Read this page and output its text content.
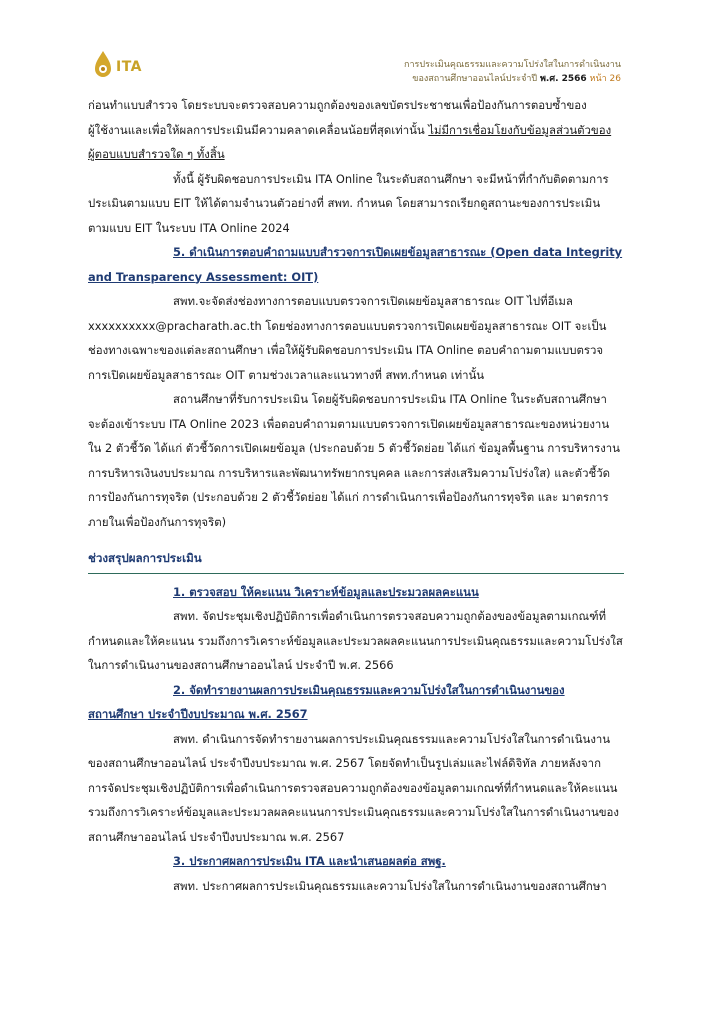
ITA	การประเมินคุณธรรมและความโปร่งใสในการดำเนินงาน
ของสถานศึกษาออนไลน์ประจำปี พ.ศ. 2566 หน้า 26

ก่อนทำแบบสำรวจ โดยระบบจะตรวจสอบความถูกต้องของเลขบัตรประชาชนเพื่อป้องกันการตอบซ้ำของ

ผู้ใช้งานและเพื่อให้ผลการประเมินมีความคลาดเคลื่อนน้อยที่สุดเท่านั้น ไม่มีการเชื่อมโยงกับข้อมูลส่วนตัวของ

ผู้ตอบแบบสำรวจใด ๆ ทั้งสิ้น

ทั้งนี้ ผู้รับผิดชอบการประเมิน ITA Online ในระดับสถานศึกษา จะมีหน้าที่กำกับติดตามการ

ประเมินตามแบบ EIT ให้ได้ตามจำนวนตัวอย่างที่ สพท. กำหนด โดยสามารถเรียกดูสถานะของการประเมิน

ตามแบบ EIT ในระบบ ITA Online 2024

5. ดำเนินการตอบคำถามแบบสำรวจการเปิดเผยข้อมูลสาธารณะ (Open data Integrity

and Transparency Assessment: OIT)

สพท.จะจัดส่งช่องทางการตอบแบบตรวจการเปิดเผยข้อมูลสาธารณะ OIT ไปที่อีเมล

xxxxxxxxxx@pracharath.ac.th โดยช่องทางการตอบแบบตรวจการเปิดเผยข้อมูลสาธารณะ OIT จะเป็น

ช่องทางเฉพาะของแต่ละสถานศึกษา เพื่อให้ผู้รับผิดชอบการประเมิน ITA Online ตอบคำถามตามแบบตรวจ

การเปิดเผยข้อมูลสาธารณะ OIT ตามช่วงเวลาและแนวทางที่ สพท.กำหนด เท่านั้น

สถานศึกษาที่รับการประเมิน โดยผู้รับผิดชอบการประเมิน ITA Online ในระดับสถานศึกษา

จะต้องเข้าระบบ ITA Online 2023 เพื่อตอบคำถามตามแบบตรวจการเปิดเผยข้อมูลสาธารณะของหน่วยงาน

ใน 2 ตัวชี้วัด ได้แก่ ตัวชี้วัดการเปิดเผยข้อมูล (ประกอบด้วย 5 ตัวชี้วัดย่อย ได้แก่ ข้อมูลพื้นฐาน การบริหารงาน

การบริหารเงินงบประมาณ การบริหารและพัฒนาทรัพยากรบุคคล และการส่งเสริมความโปร่งใส) และตัวชี้วัด

การป้องกันการทุจริต (ประกอบด้วย 2 ตัวชี้วัดย่อย ได้แก่ การดำเนินการเพื่อป้องกันการทุจริต และ มาตรการ

ภายในเพื่อป้องกันการทุจริต)

ช่วงสรุปผลการประเมิน

1. ตรวจสอบ ให้คะแนน วิเคราะห์ข้อมูลและประมวลผลคะแนน

สพท. จัดประชุมเชิงปฏิบัติการเพื่อดำเนินการตรวจสอบความถูกต้องของข้อมูลตามเกณฑ์ที่

กำหนดและให้คะแนน รวมถึงการวิเคราะห์ข้อมูลและประมวลผลคะแนนการประเมินคุณธรรมและความโปร่งใส

ในการดำเนินงานของสถานศึกษาออนไลน์ ประจำปี พ.ศ. 2566

2. จัดทำรายงานผลการประเมินคุณธรรมและความโปร่งใสในการดำเนินงานของ

สถานศึกษา ประจำปีงบประมาณ พ.ศ. 2567

สพท. ดำเนินการจัดทำรายงานผลการประเมินคุณธรรมและความโปร่งใสในการดำเนินงาน

ของสถานศึกษาออนไลน์ ประจำปีงบประมาณ พ.ศ. 2567 โดยจัดทำเป็นรูปเล่มและไฟล์ดิจิทัล ภายหลังจาก

การจัดประชุมเชิงปฏิบัติการเพื่อดำเนินการตรวจสอบความถูกต้องของข้อมูลตามเกณฑ์ที่กำหนดและให้คะแนน

รวมถึงการวิเคราะห์ข้อมูลและประมวลผลคะแนนการประเมินคุณธรรมและความโปร่งใสในการดำเนินงานของ

สถานศึกษาออนไลน์ ประจำปีงบประมาณ พ.ศ. 2567

3. ประกาศผลการประเมิน ITA และนำเสนอผลต่อ สพฐ.

สพท. ประกาศผลการประเมินคุณธรรมและความโปร่งใสในการดำเนินงานของสถานศึกษา
